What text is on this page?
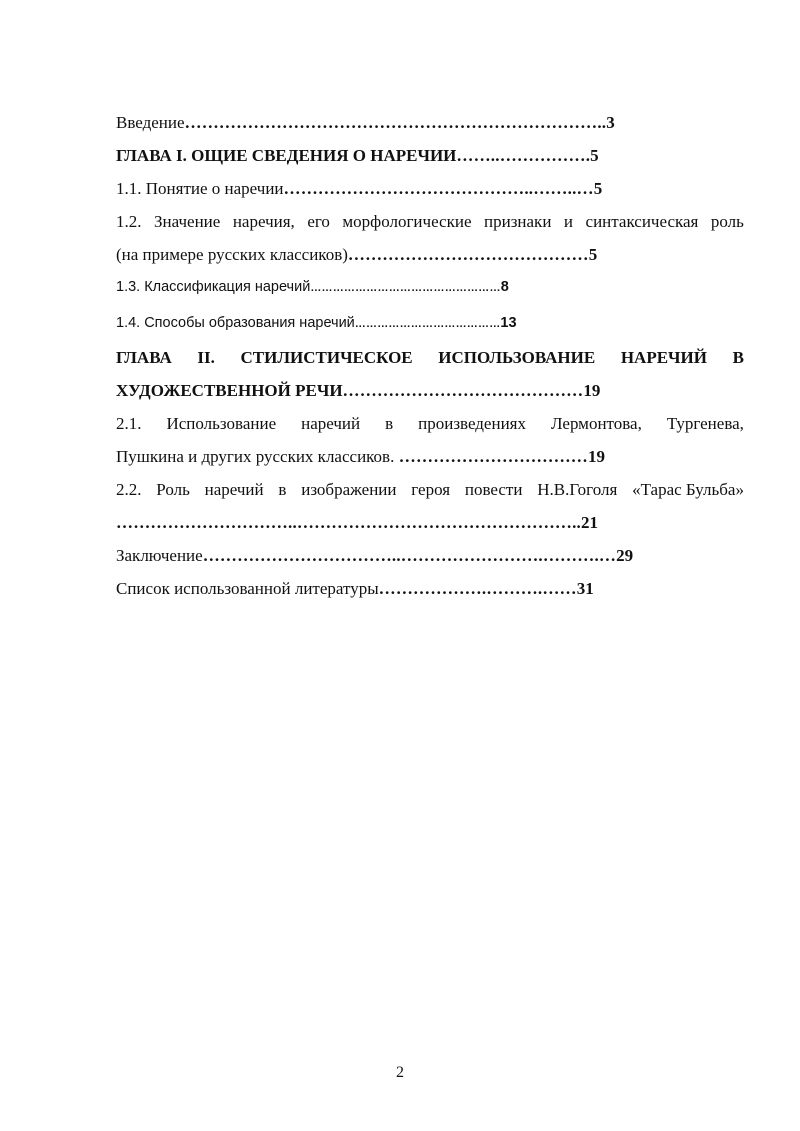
Введение………………………………………………………………..3
ГЛАВА I. ОЩИЕ СВЕДЕНИЯ О НАРЕЧИИ……..…………….5
1.1. Понятие о наречии……………………………………..……..…5
1.2. Значение наречия, его морфологические признаки и синтаксическая роль
(на примере русских классиков)……………………………………5
1.3. Классификация наречий……………………………………………8
1.4. Способы образования наречий…………………………………13
ГЛАВА II. СТИЛИСТИЧЕСКОЕ ИСПОЛЬЗОВАНИЕ НАРЕЧИЙ В
ХУДОЖЕСТВЕННОЙ РЕЧИ……………………………………19
2.1. Использование наречий в произведениях Лермонтова, Тургенева,
Пушкина и других русских классиков. ……………………………19
2.2. Роль наречий в изображении героя повести Н.В.Гоголя «Тарас Бульба»
…………………………..…………………………………………..21
Заключение……………………………..…………………….……….…29
Список использованной литературы……………….……….……31
2
